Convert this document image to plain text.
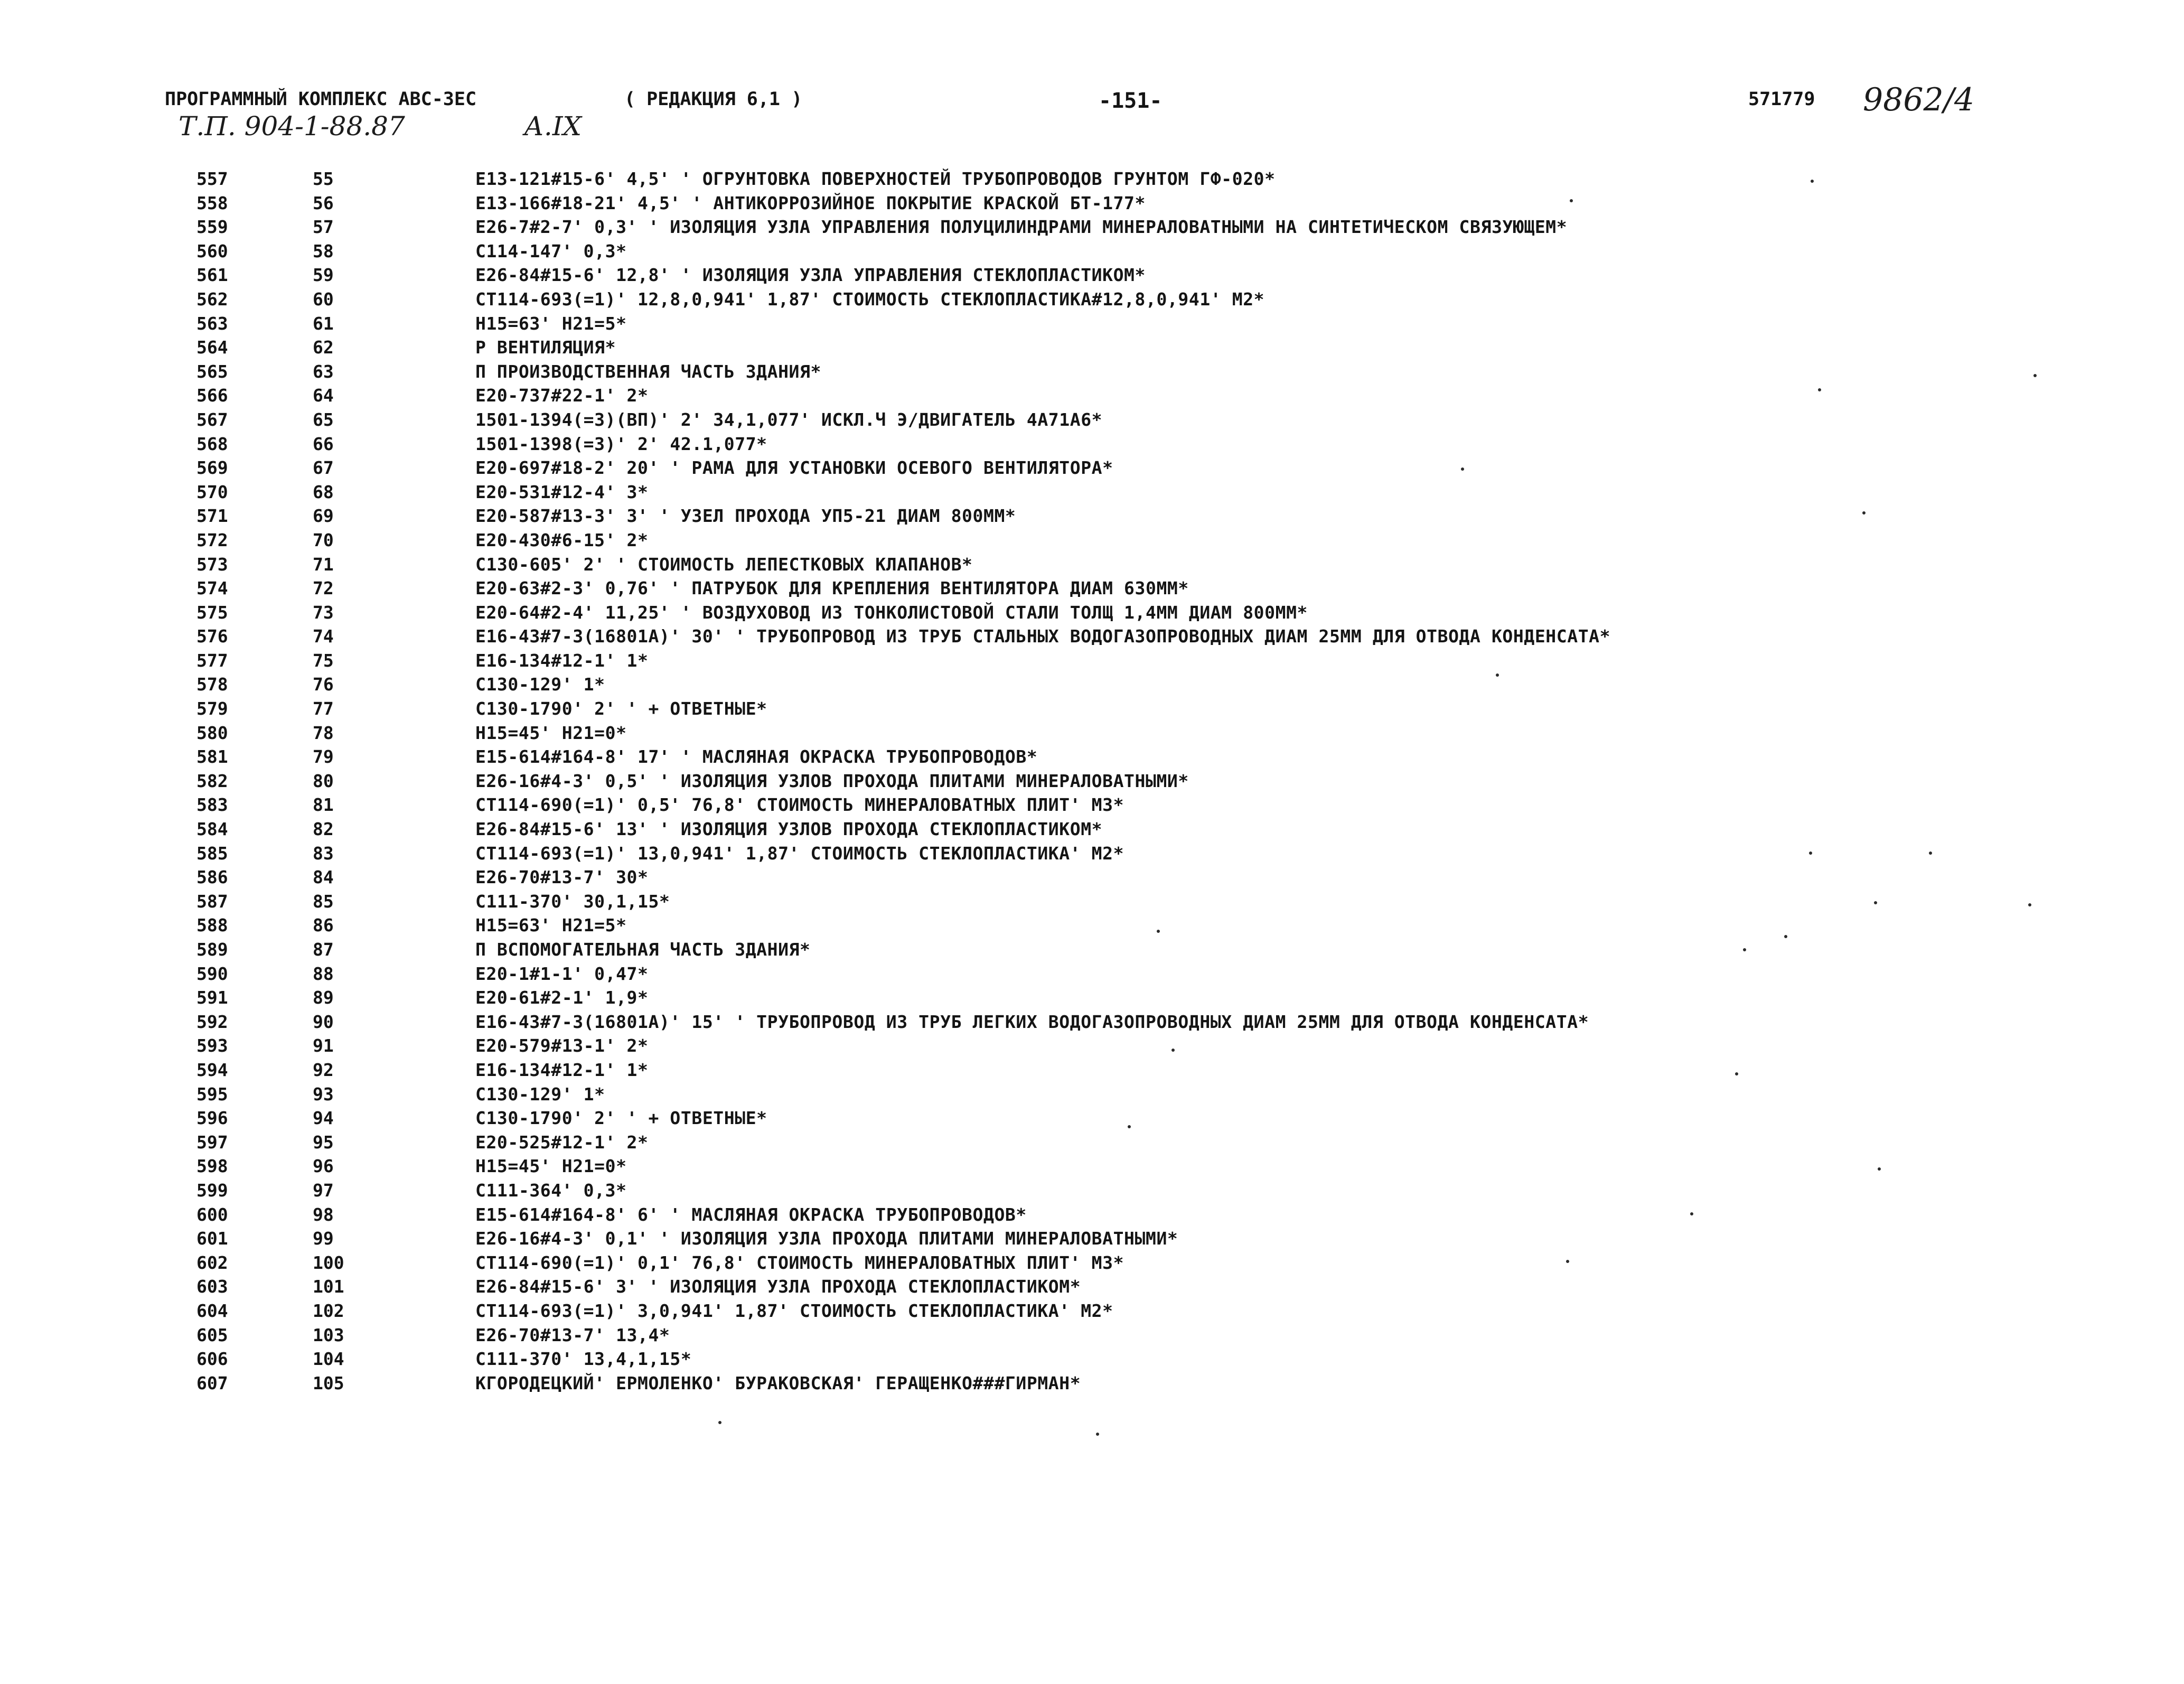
ПРОГРАММНЫЙ КОМПЛЕКС АВС-3ЕС	( РЕДАКЦИЯ 6,1 )	-151-	571779 9862/4
Т.П. 904-1-88.87	А.IX
557	55	Е13-121#15-6' 4,5' ' ОГРУНТОВКА ПОВЕРХНОСТЕЙ ТРУБОПРОВОДОВ ГРУНТОМ ГФ-020*
558	56	Е13-166#18-21' 4,5' ' АНТИКОРРОЗИЙНОЕ ПОКРЫТИЕ КРАСКОЙ БТ-177*
559	57	Е26-7#2-7' 0,3' ' ИЗОЛЯЦИЯ УЗЛА УПРАВЛЕНИЯ ПОЛУЦИЛИНДРАМИ МИНЕРАЛОВАТНЫМИ НА СИНТЕТИЧЕСКОМ СВЯЗУЮЩЕМ*
560	58	С114-147' 0,3*
561	59	Е26-84#15-6' 12,8' ' ИЗОЛЯЦИЯ УЗЛА УПРАВЛЕНИЯ СТЕКЛОПЛАСТИКОМ*
562	60	СТ114-693(=1)' 12,8,0,941' 1,87' СТОИМОСТЬ СТЕКЛОПЛАСТИКА#12,8,0,941' М2*
563	61	Н15=63' Н21=5*
564	62	Р ВЕНТИЛЯЦИЯ*
565	63	П ПРОИЗВОДСТВЕННАЯ ЧАСТЬ ЗДАНИЯ*
566	64	Е20-737#22-1' 2*
567	65	1501-1394(=3)(ВП)' 2' 34,1,077' ИСКЛ.Ч Э/ДВИГАТЕЛЬ 4А71А6*
568	66	1501-1398(=3)' 2' 42.1,077*
569	67	Е20-697#18-2' 20' ' РАМА ДЛЯ УСТАНОВКИ ОСЕВОГО ВЕНТИЛЯТОРА*
570	68	Е20-531#12-4' 3*
571	69	Е20-587#13-3' 3' ' УЗЕЛ ПРОХОДА УП5-21 ДИАМ 800ММ*
572	70	Е20-430#6-15' 2*
573	71	С130-605' 2' ' СТОИМОСТЬ ЛЕПЕСТКОВЫХ КЛАПАНОВ*
574	72	Е20-63#2-3' 0,76' ' ПАТРУБОК ДЛЯ КРЕПЛЕНИЯ ВЕНТИЛЯТОРА ДИАМ 630ММ*
575	73	Е20-64#2-4' 11,25' ' ВОЗДУХОВОД ИЗ ТОНКОЛИСТОВОЙ СТАЛИ ТОЛЩ 1,4ММ ДИАМ 800ММ*
576	74	Е16-43#7-3(16801А)' 30' ' ТРУБОПРОВОД ИЗ ТРУБ СТАЛЬНЫХ ВОДОГАЗОПРОВОДНЫХ ДИАМ 25ММ ДЛЯ ОТВОДА КОНДЕНСАТА*
577	75	Е16-134#12-1' 1*
578	76	С130-129' 1*
579	77	С130-1790' 2' ' + ОТВЕТНЫЕ*
580	78	Н15=45' Н21=0*
581	79	Е15-614#164-8' 17' ' МАСЛЯНАЯ ОКРАСКА ТРУБОПРОВОДОВ*
582	80	Е26-16#4-3' 0,5' ' ИЗОЛЯЦИЯ УЗЛОВ ПРОХОДА ПЛИТАМИ МИНЕРАЛОВАТНЫМИ*
583	81	СТ114-690(=1)' 0,5' 76,8' СТОИМОСТЬ МИНЕРАЛОВАТНЫХ ПЛИТ' М3*
584	82	Е26-84#15-6' 13' ' ИЗОЛЯЦИЯ УЗЛОВ ПРОХОДА СТЕКЛОПЛАСТИКОМ*
585	83	СТ114-693(=1)' 13,0,941' 1,87' СТОИМОСТЬ СТЕКЛОПЛАСТИКА' М2*
586	84	Е26-70#13-7' 30*
587	85	С111-370' 30,1,15*
588	86	Н15=63' Н21=5*
589	87	П ВСПОМОГАТЕЛЬНАЯ ЧАСТЬ ЗДАНИЯ*
590	88	Е20-1#1-1' 0,47*
591	89	Е20-61#2-1' 1,9*
592	90	Е16-43#7-3(16801А)' 15' ' ТРУБОПРОВОД ИЗ ТРУБ ЛЕГКИХ ВОДОГАЗОПРОВОДНЫХ ДИАМ 25ММ ДЛЯ ОТВОДА КОНДЕНСАТА*
593	91	Е20-579#13-1' 2*
594	92	Е16-134#12-1' 1*
595	93	С130-129' 1*
596	94	С130-1790' 2' ' + ОТВЕТНЫЕ*
597	95	Е20-525#12-1' 2*
598	96	Н15=45' Н21=0*
599	97	С111-364' 0,3*
600	98	Е15-614#164-8' 6' ' МАСЛЯНАЯ ОКРАСКА ТРУБОПРОВОДОВ*
601	99	Е26-16#4-3' 0,1' ' ИЗОЛЯЦИЯ УЗЛА ПРОХОДА ПЛИТАМИ МИНЕРАЛОВАТНЫМИ*
602	100	СТ114-690(=1)' 0,1' 76,8' СТОИМОСТЬ МИНЕРАЛОВАТНЫХ ПЛИТ' М3*
603	101	Е26-84#15-6' 3' ' ИЗОЛЯЦИЯ УЗЛА ПРОХОДА СТЕКЛОПЛАСТИКОМ*
604	102	СТ114-693(=1)' 3,0,941' 1,87' СТОИМОСТЬ СТЕКЛОПЛАСТИКА' М2*
605	103	Е26-70#13-7' 13,4*
606	104	С111-370' 13,4,1,15*
607	105	КГОРОДЕЦКИЙ' ЕРМОЛЕНКО' БУРАКОВСКАЯ' ГЕРАЩЕНКО###ГИРМАН*
